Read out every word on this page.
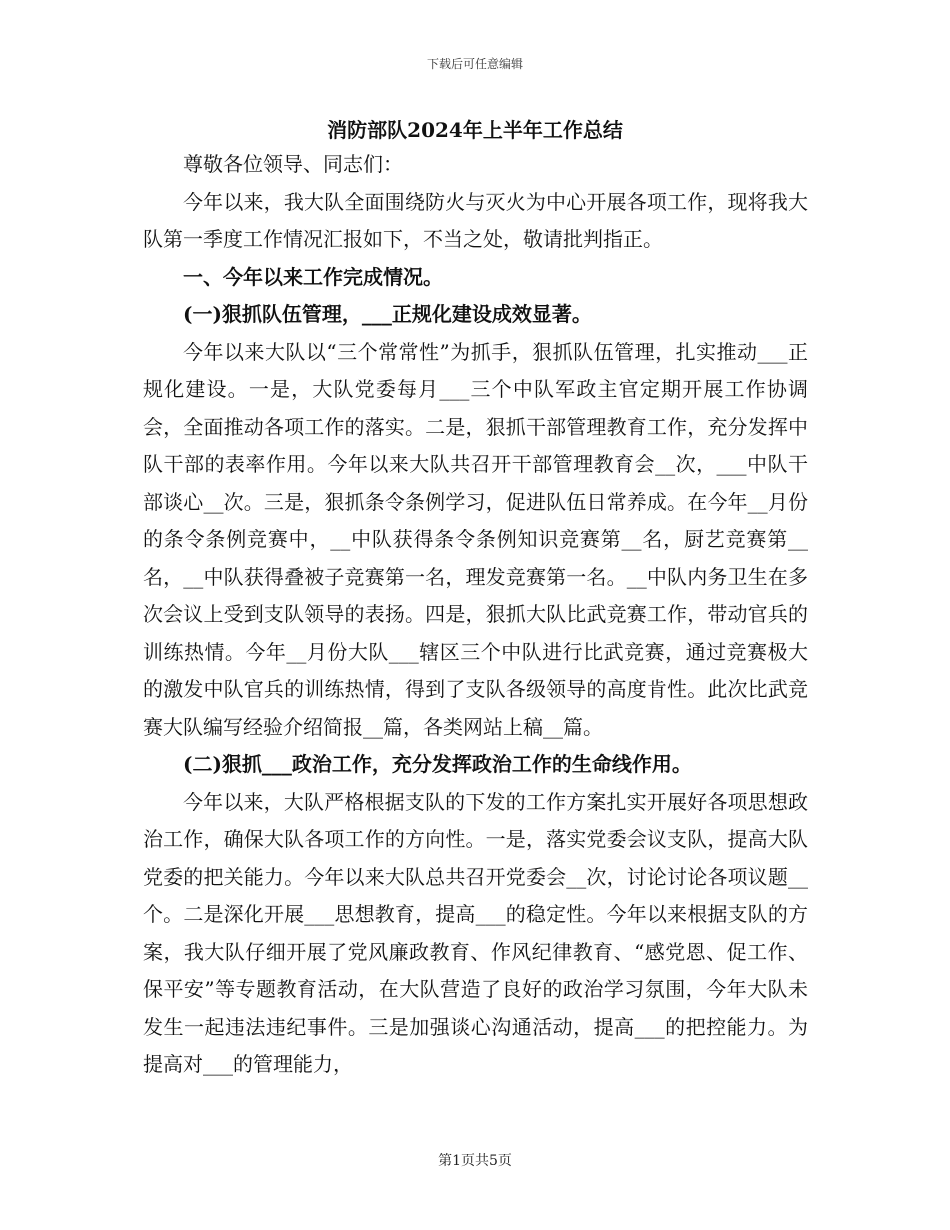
下载后可任意编辑
消防部队2024年上半年工作总结

尊敬各位领导、同志们：

今年以来，我大队全面围绕防火与灭火为中心开展各项工作，现将我大队第一季度工作情况汇报如下，不当之处，敬请批判指正。

一、今年以来工作完成情况。

(一)狠抓队伍管理，___正规化建设成效显著。

今年以来大队以“三个常常性”为抓手，狠抓队伍管理，扎实推动___正规化建设。一是，大队党委每月___三个中队军政主官定期开展工作协调会，全面推动各项工作的落实。二是，狠抓干部管理教育工作，充分发挥中队干部的表率作用。今年以来大队共召开干部管理教育会__次，___中队干部谈心__次。三是，狠抓条令条例学习，促进队伍日常养成。在今年__月份的条令条例竞赛中，__中队获得条令条例知识竞赛第__名，厨艺竞赛第__名，__中队获得叠被子竞赛第一名，理发竞赛第一名。__中队内务卫生在多次会议上受到支队领导的表扬。四是，狠抓大队比武竞赛工作，带动官兵的训练热情。今年__月份大队___辖区三个中队进行比武竞赛，通过竞赛极大的激发中队官兵的训练热情，得到了支队各级领导的高度肯性。此次比武竞赛大队编写经验介绍简报__篇，各类网站上稿__篇。

(二)狠抓___政治工作，充分发挥政治工作的生命线作用。

今年以来，大队严格根据支队的下发的工作方案扎实开展好各项思想政治工作，确保大队各项工作的方向性。一是，落实党委会议支队，提高大队党委的把关能力。今年以来大队总共召开党委会__次，讨论讨论各项议题__个。二是深化开展___思想教育，提高___的稳定性。今年以来根据支队的方案，我大队仔细开展了党风廉政教育、作风纪律教育、“感党恩、促工作、保平安”等专题教育活动，在大队营造了良好的政治学习氛围，今年大队未发生一起违法违纪事件。三是加强谈心沟通活动，提高___的把控能力。为提高对___的管理能力，

第1页共5页
